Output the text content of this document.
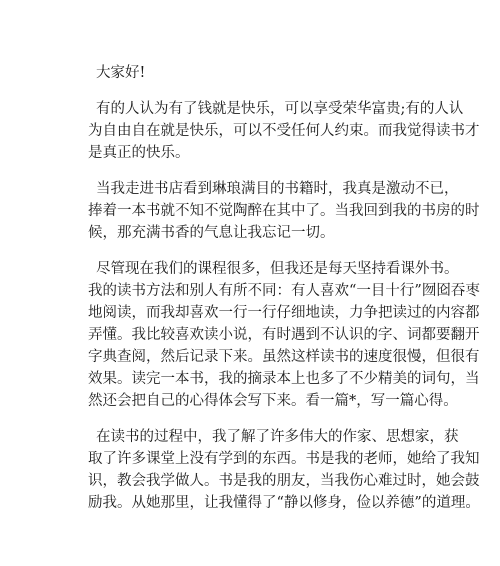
大家好!
有的人认为有了钱就是快乐，可以享受荣华富贵;有的人认
为自由自在就是快乐，可以不受任何人约束。而我觉得读书才
是真正的快乐。
当我走进书店看到琳琅满目的书籍时，我真是激动不已，
捧着一本书就不知不觉陶醉在其中了。当我回到我的书房的时
候，那充满书香的气息让我忘记一切。
尽管现在我们的课程很多，但我还是每天坚持看课外书。
我的读书方法和别人有所不同：有人喜欢“一目十行”囫囵吞枣
地阅读，而我却喜欢一行一行仔细地读，力争把读过的内容都
弄懂。我比较喜欢读小说，有时遇到不认识的字、词都要翻开
字典查阅，然后记录下来。虽然这样读书的速度很慢，但很有
效果。读完一本书，我的摘录本上也多了不少精美的词句，当
然还会把自己的心得体会写下来。看一篇*，写一篇心得。
在读书的过程中，我了解了许多伟大的作家、思想家，获
取了许多课堂上没有学到的东西。书是我的老师，她给了我知
识，教会我学做人。书是我的朋友，当我伤心难过时，她会鼓
励我。从她那里，让我懂得了“静以修身，俭以养德”的道理。
